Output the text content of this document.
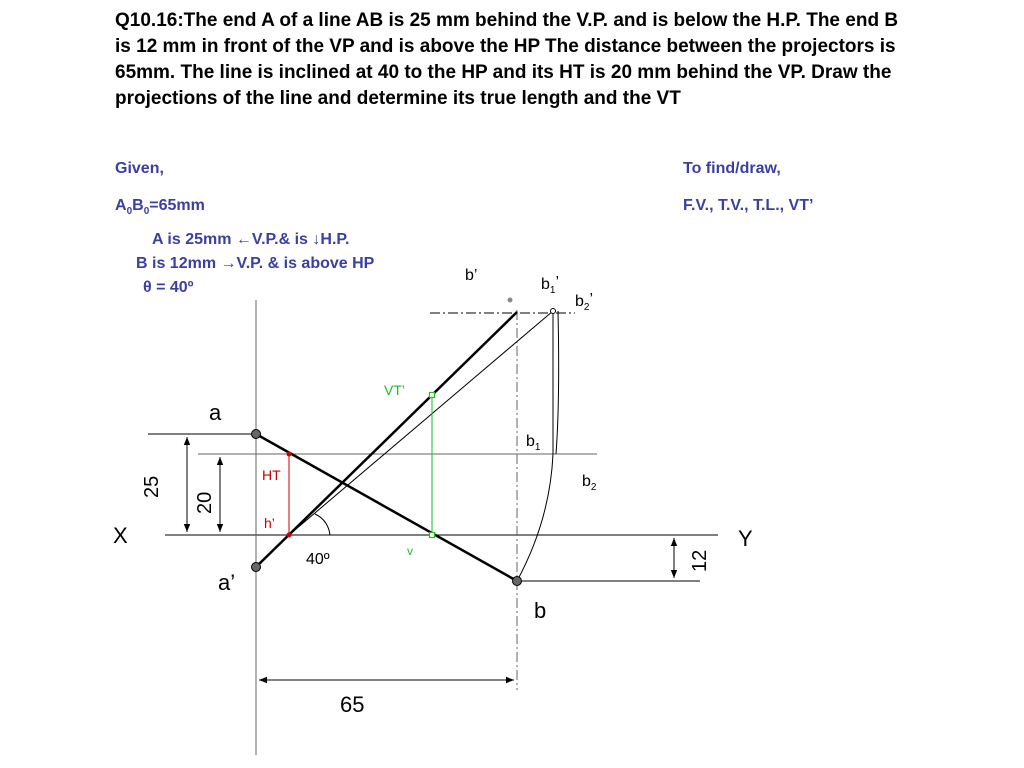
Q10.16:The end A of a line AB is 25 mm behind the V.P. and is below the H.P. The end B is 12 mm in front of the VP and is above the HP The distance between the projectors is 65mm. The line is inclined at 40 to the HP and its HT is 20 mm behind the VP. Draw the projections of the line and determine its true length and the VT

Given,
$A_0B_0=65mm$
A is 25mm ←V.P.& is ↓H.P.
B is 12mm →V.P. & is above HP
θ = 40º
To find/draw,
F.V., T.V., T.L., VT’
X	Y
a
a’
b
b’
$b_1$’
$b_2$’
$b_1$
$b_2$
HT
h’
VT’
v
40º
25
20
12
65
